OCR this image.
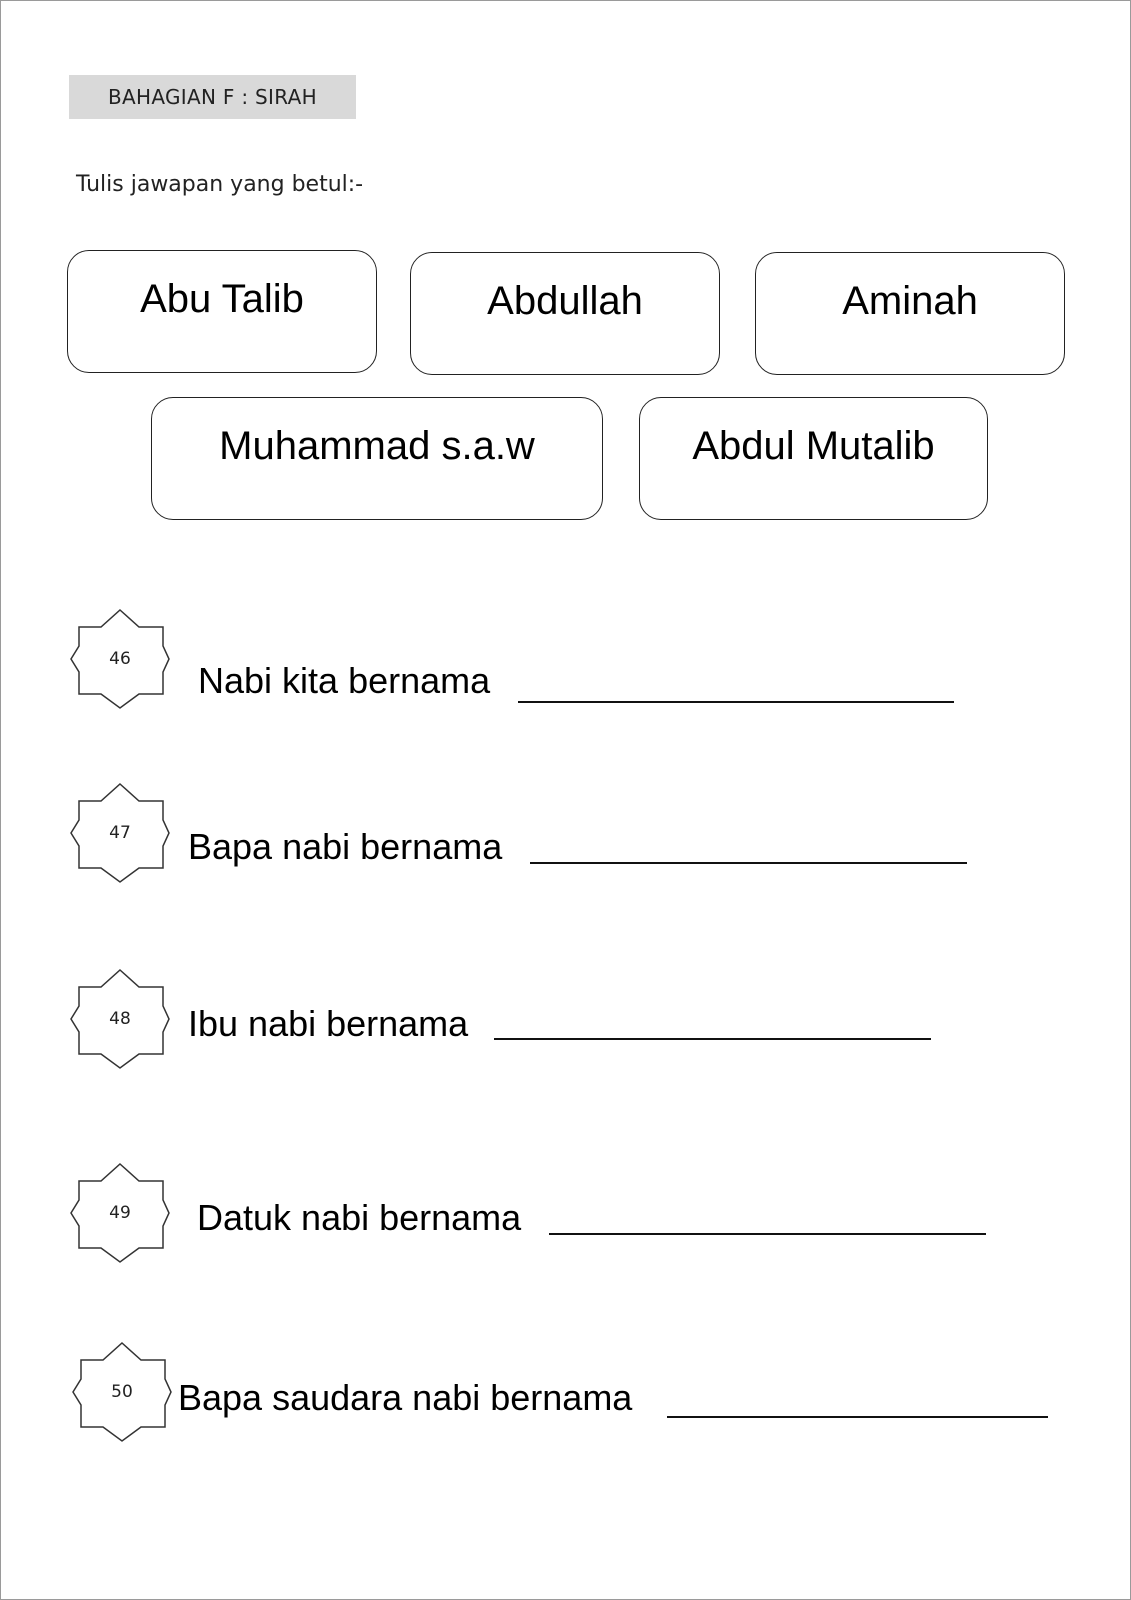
BAHAGIAN F : SIRAH
Tulis jawapan yang betul:-
Abu Talib	Abdullah	Aminah
Muhammad s.a.w	Abdul Mutalib
46
Nabi kita bernama
47	Bapa nabi bernama
48	Ibu nabi bernama
49	Datuk nabi bernama
50	Bapa saudara nabi bernama
